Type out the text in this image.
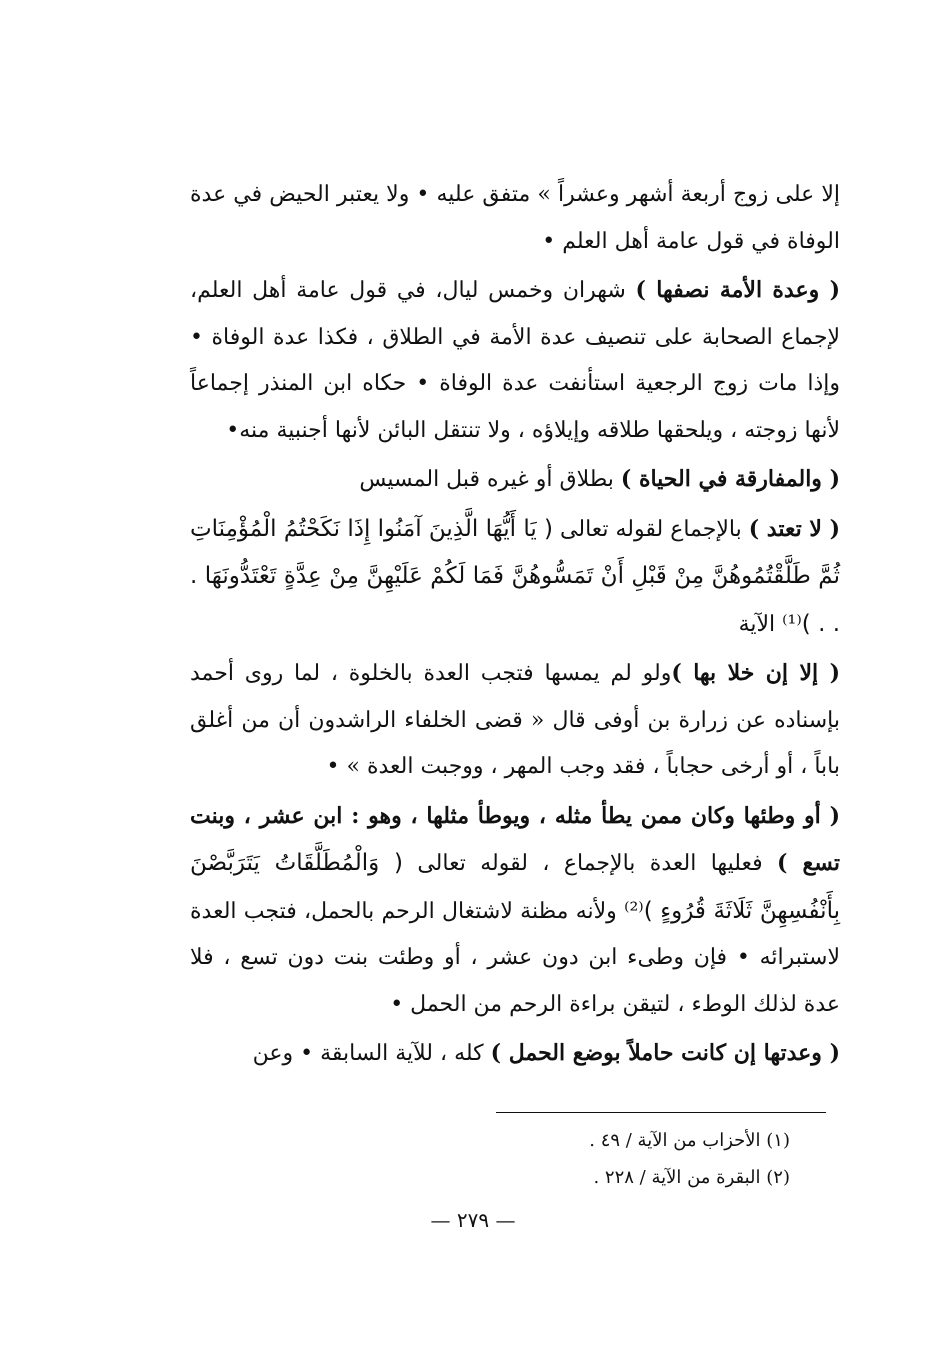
إلا على زوج أربعة أشهر وعشراً » متفق عليه • ولا يعتبر الحيض في عدة الوفاة في قول عامة أهل العلم •

( وعدة الأمة نصفها ) شهران وخمس ليال، في قول عامة أهل العلم، لإجماع الصحابة على تنصيف عدة الأمة في الطلاق ، فكذا عدة الوفاة • وإذا مات زوج الرجعية استأنفت عدة الوفاة • حكاه ابن المنذر إجماعاً لأنها زوجته ، ويلحقها طلاقه وإيلاؤه ، ولا تنتقل البائن لأنها أجنبية منه•

( والمفارقة في الحياة ) بطلاق أو غيره قبل المسيس

( لا تعتد ) بالإجماع لقوله تعالى ( يَا أَيُّهَا الَّذِينَ آمَنُوا إِذَا نَكَحْتُمُ الْمُؤْمِنَاتِ ثُمَّ طَلَّقْتُمُوهُنَّ مِنْ قَبْلِ أَنْ تَمَسُّوهُنَّ فَمَا لَكُمْ عَلَيْهِنَّ مِنْ عِدَّةٍ تَعْتَدُّونَهَا . . . )⁽¹⁾ الآية

( إلا إن خلا بها )ولو لم يمسها فتجب العدة بالخلوة ، لما روى أحمد بإسناده عن زرارة بن أوفى قال « قضى الخلفاء الراشدون أن من أغلق باباً ، أو أرخى حجاباً ، فقد وجب المهر ، ووجبت العدة » •

( أو وطئها وكان ممن يطأ مثله ، ويوطأ مثلها ، وهو : ابن عشر ، وبنت تسع ) فعليها العدة بالإجماع ، لقوله تعالى ( وَالْمُطَلَّقَاتُ يَتَرَبَّصْنَ بِأَنْفُسِهِنَّ ثَلَاثَةَ قُرُوءٍ )⁽²⁾ ولأنه مظنة لاشتغال الرحم بالحمل، فتجب العدة لاستبرائه • فإن وطىء ابن دون عشر ، أو وطئت بنت دون تسع ، فلا عدة لذلك الوطء ، لتيقن براءة الرحم من الحمل •

( وعدتها إن كانت حاملاً بوضع الحمل ) كله ، للآية السابقة • وعن

(١) الأحزاب من الآية / ٤٩ .
(٢) البقرة من الآية / ٢٢٨ .
— ٢٧٩ —
